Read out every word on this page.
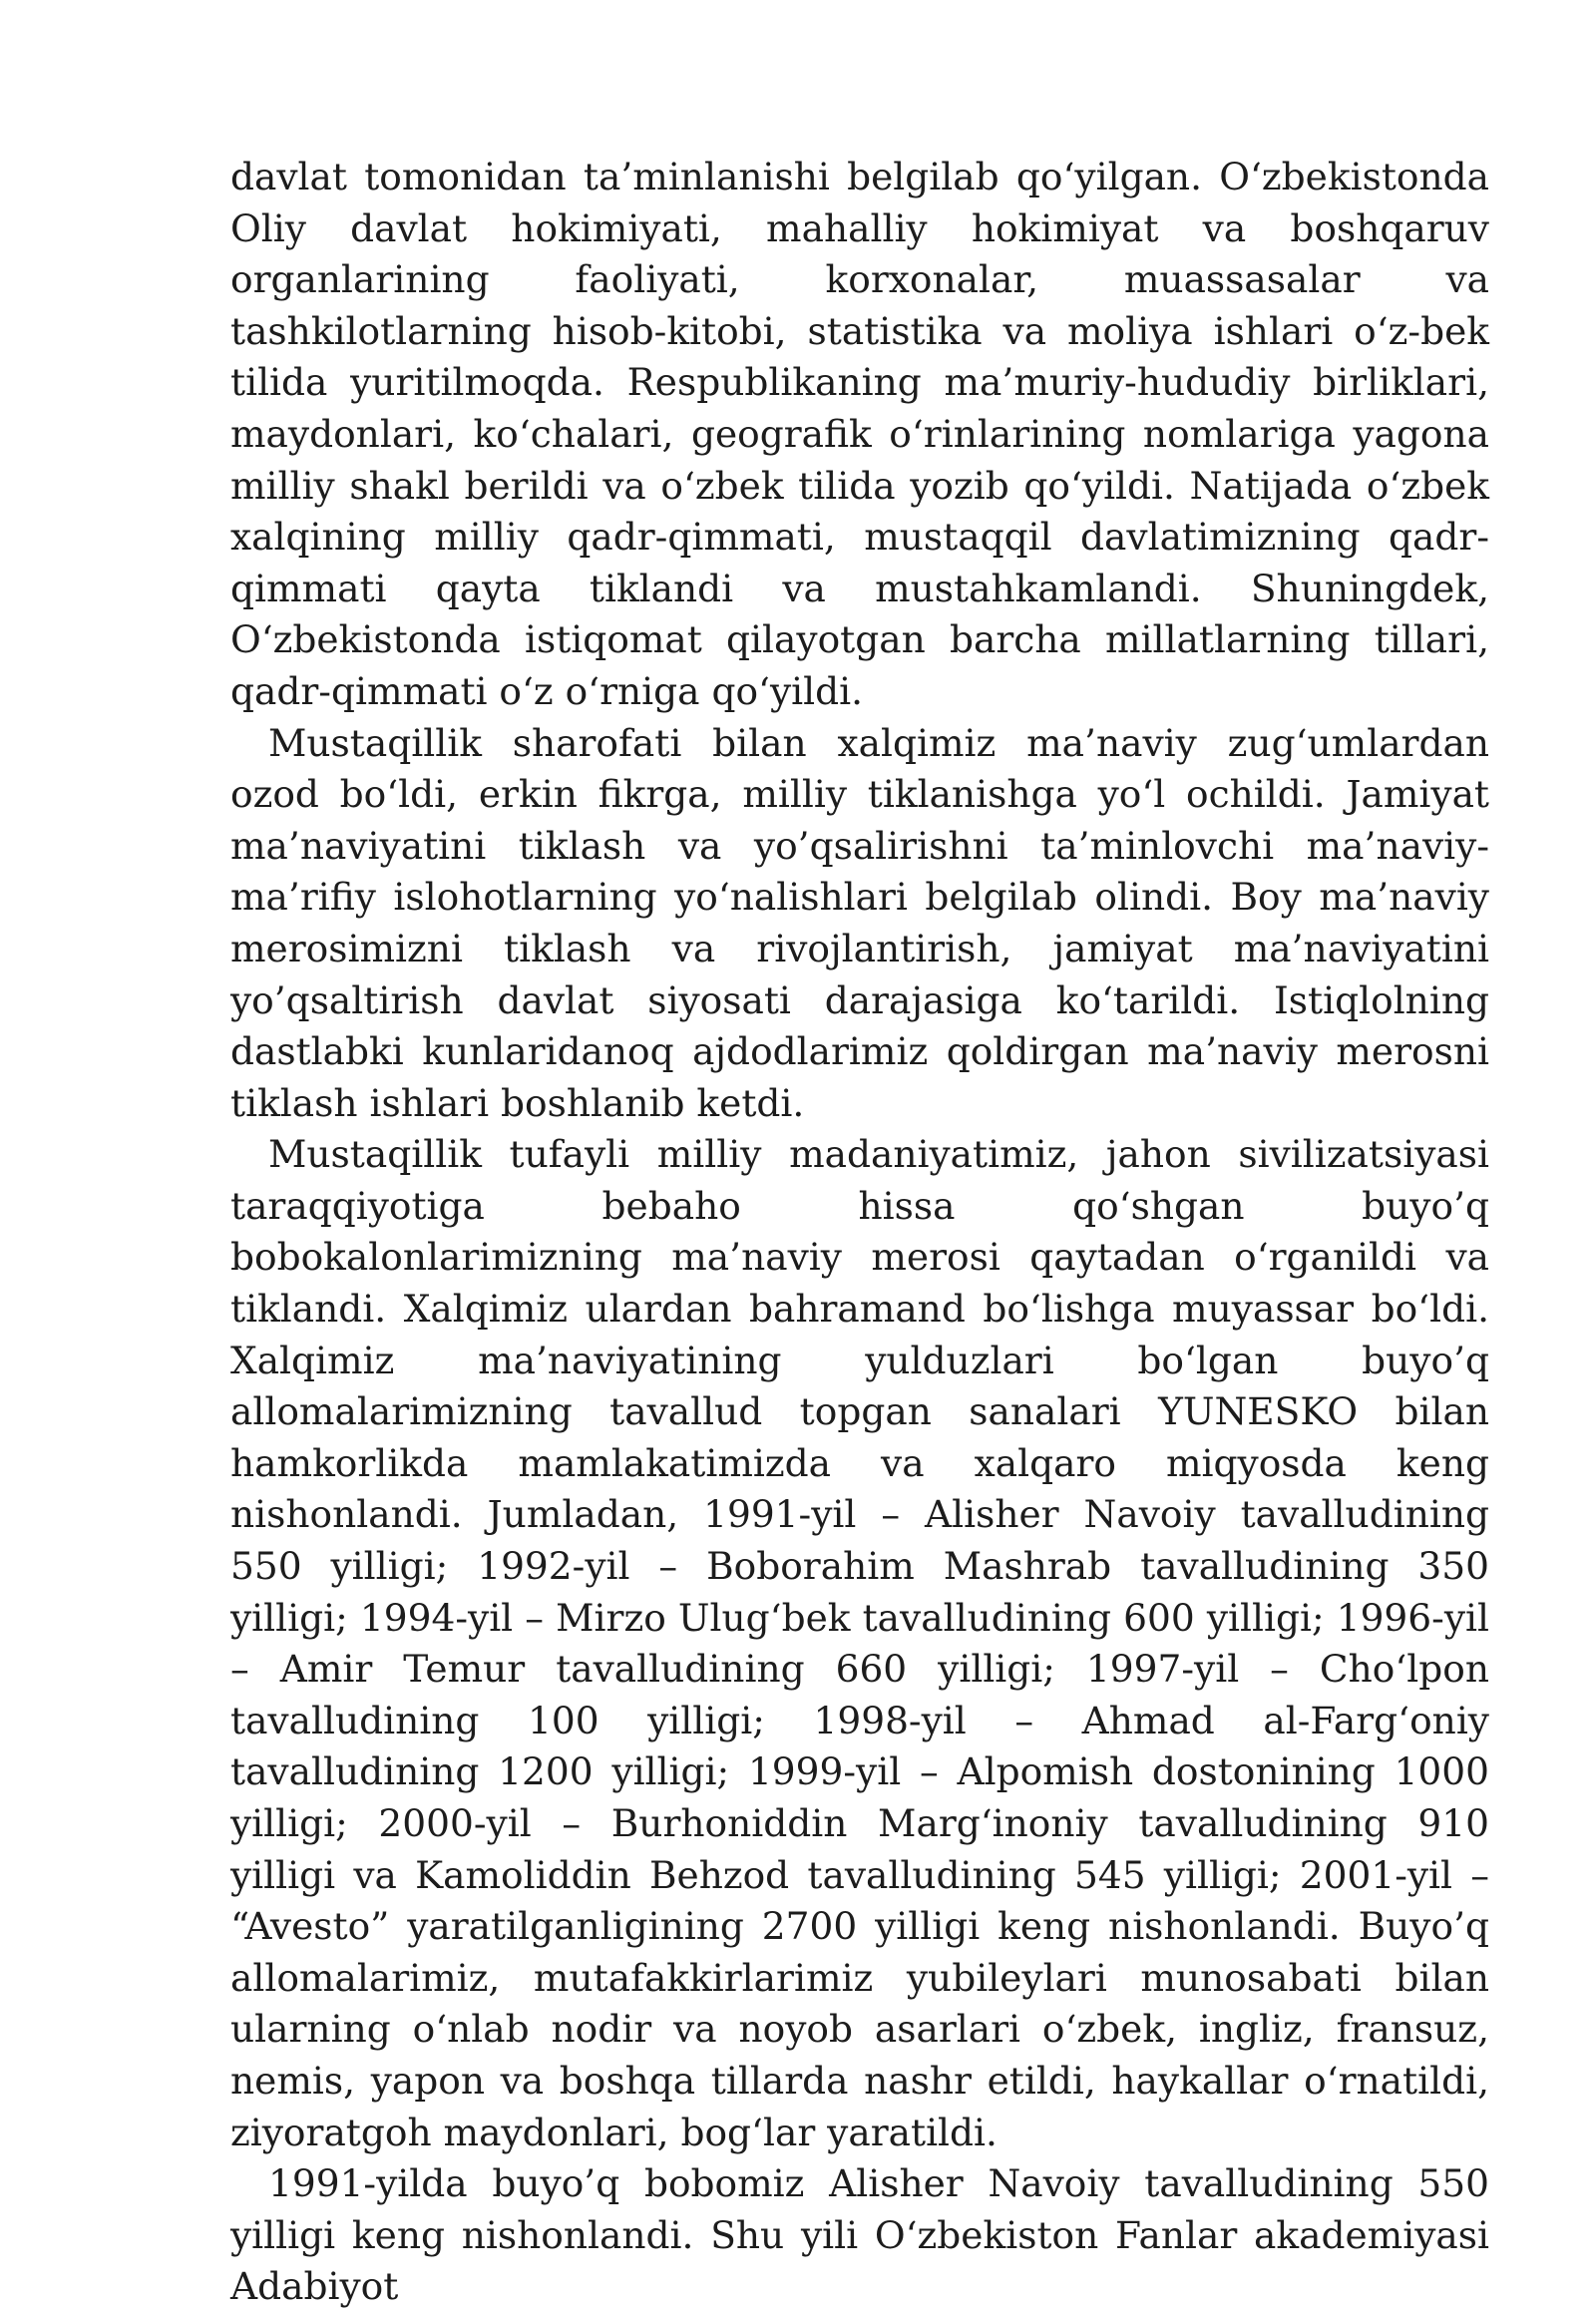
davlat tomonidan ta’minlanishi belgilab qo‘yilgan. O‘zbekistonda Oliy davlat hokimiyati, mahalliy hokimiyat va boshqaruv organlarining faoliyati, korxonalar, muassasalar va tashkilotlarning hisob-kitobi, statistika va moliya ishlari o‘z-bek tilida yuritilmoqda. Respublikaning ma’muriy-hududiy birliklari, maydonlari, ko‘chalari, geografik o‘rinlarining nomlariga yagona milliy shakl berildi va o‘zbek tilida yozib qo‘yildi. Natijada o‘zbek xalqining milliy qadr-qimmati, mustaqqil davlatimizning qadr-qimmati qayta tiklandi va mustahkamlandi. Shuningdek, O‘zbekistonda istiqomat qilayotgan barcha millatlarning tillari, qadr-qimmati o‘z o‘rniga qo‘yildi.

Mustaqillik sharofati bilan xalqimiz ma’naviy zug‘umlardan ozod bo‘ldi, erkin fikrga, milliy tiklanishga yo‘l ochildi. Jamiyat ma’naviyatini tiklash va yo’qsalirishni ta’minlovchi ma’naviy-ma’rifiy islohotlarning yo‘nalishlari belgilab olindi. Boy ma’naviy merosimizni tiklash va rivojlantirish, jamiyat ma’naviyatini yo’qsaltirish davlat siyosati darajasiga ko‘tarildi. Istiqlolning dastlabki kunlaridanoq ajdodlarimiz qoldirgan ma’naviy merosni tiklash ishlari boshlanib ketdi.

Mustaqillik tufayli milliy madaniyatimiz, jahon sivilizatsiyasi taraqqiyotiga bebaho hissa qo‘shgan buyo’q bobokalonlarimizning ma’naviy merosi qaytadan o‘rganildi va tiklandi. Xalqimiz ulardan bahramand bo‘lishga muyassar bo‘ldi. Xalqimiz ma’naviyatining yulduzlari bo‘lgan buyo’q allomalarimizning tavallud topgan sanalari YUNESKO bilan hamkorlikda mamlakatimizda va xalqaro miqyosda keng nishonlandi. Jumladan, 1991-yil – Alisher Navoiy tavalludining 550 yilligi; 1992-yil – Boborahim Mashrab tavalludining 350 yilligi; 1994-yil – Mirzo Ulug‘bek tavalludining 600 yilligi; 1996-yil – Amir Temur tavalludining 660 yilligi; 1997-yil – Cho‘lpon tavalludining 100 yilligi; 1998-yil – Ahmad al-Farg‘oniy tavalludining 1200 yilligi; 1999-yil – Alpomish dostonining 1000 yilligi; 2000-yil – Burhoniddin Marg‘inoniy tavalludining 910 yilligi va Kamoliddin Behzod tavalludining 545 yilligi; 2001-yil – “Avesto” yaratilganligining 2700 yilligi keng nishonlandi. Buyo’q allomalarimiz, mutafakkirlarimiz yubileylari munosabati bilan ularning o‘nlab nodir va noyob asarlari o‘zbek, ingliz, fransuz, nemis, yapon va boshqa tillarda nashr etildi, haykallar o‘rnatildi, ziyoratgoh maydonlari, bog‘lar yaratildi.

1991-yilda buyo’q bobomiz Alisher Navoiy tavalludining 550 yilligi keng nishonlandi. Shu yili O‘zbekiston Fanlar akademiyasi Adabiyot
